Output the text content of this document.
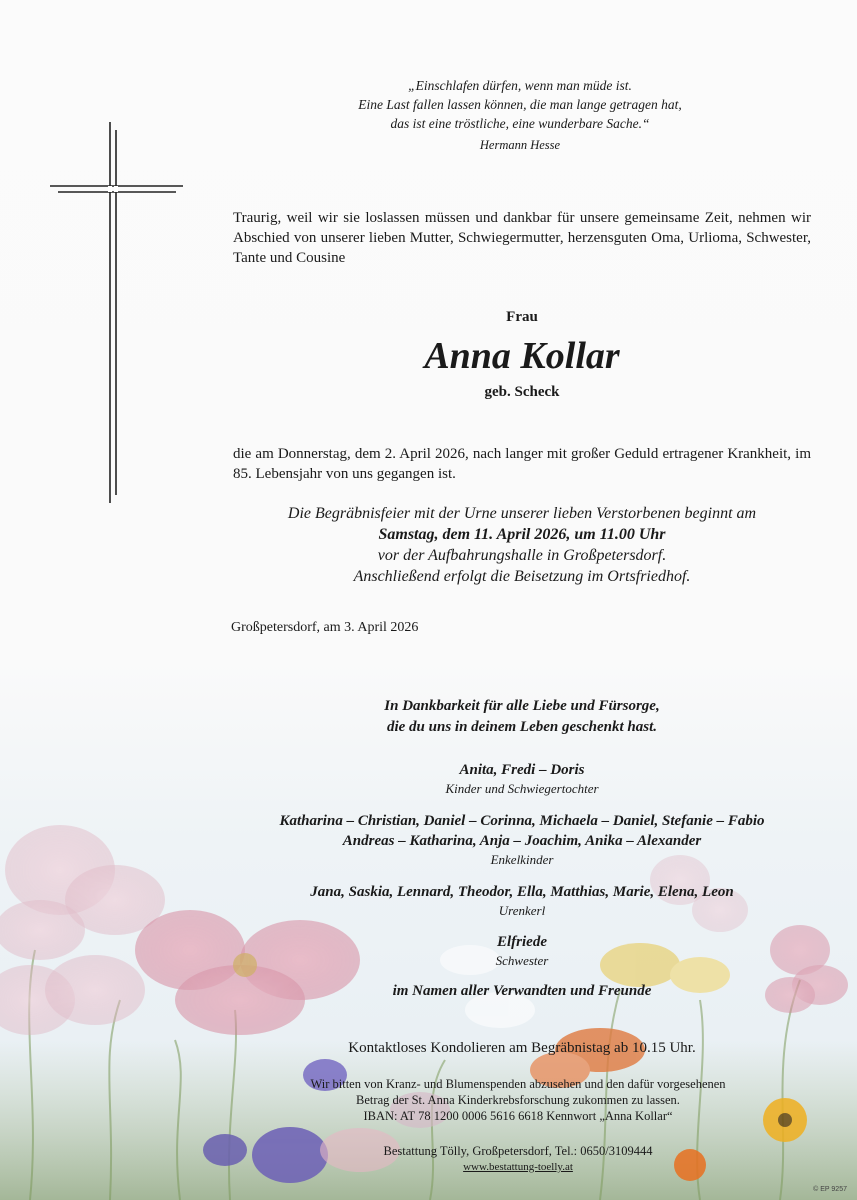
„Einschlafen dürfen, wenn man müde ist.
Eine Last fallen lassen können, die man lange getragen hat,
das ist eine tröstliche, eine wunderbare Sache.“
Hermann Hesse
Traurig, weil wir sie loslassen müssen und dankbar für unsere gemeinsame Zeit, nehmen wir Abschied von unserer lieben Mutter, Schwiegermutter, herzensguten Oma, Urlioma, Schwester, Tante und Cousine
Frau
Anna Kollar
geb. Scheck
die am Donnerstag, dem 2. April 2026, nach langer mit großer Geduld ertragener Krankheit, im 85. Lebensjahr von uns gegangen ist.
Die Begräbnisfeier mit der Urne unserer lieben Verstorbenen beginnt am
Samstag, dem 11. April 2026, um 11.00 Uhr
vor der Aufbahrungshalle in Großpetersdorf.
Anschließend erfolgt die Beisetzung im Ortsfriedhof.
Großpetersdorf, am 3. April 2026
In Dankbarkeit für alle Liebe und Fürsorge,
die du uns in deinem Leben geschenkt hast.
Anita, Fredi – Doris
Kinder und Schwiegertochter
Katharina – Christian, Daniel – Corinna, Michaela – Daniel, Stefanie – Fabio
Andreas – Katharina, Anja – Joachim, Anika – Alexander
Enkelkinder
Jana, Saskia, Lennard, Theodor, Ella, Matthias, Marie, Elena, Leon
Urenkerl
Elfriede
Schwester
im Namen aller Verwandten und Freunde
Kontaktloses Kondolieren am Begräbnistag ab 10.15 Uhr.
Wir bitten von Kranz- und Blumenspenden abzusehen und den dafür vorgesehenen
Betrag der St. Anna Kinderkrebsforschung zukommen zu lassen.
IBAN: AT 78 1200 0006 5616 6618 Kennwort „Anna Kollar“
Bestattung Tölly, Großpetersdorf, Tel.: 0650/3109444
www.bestattung-toelly.at
© EP 9257
